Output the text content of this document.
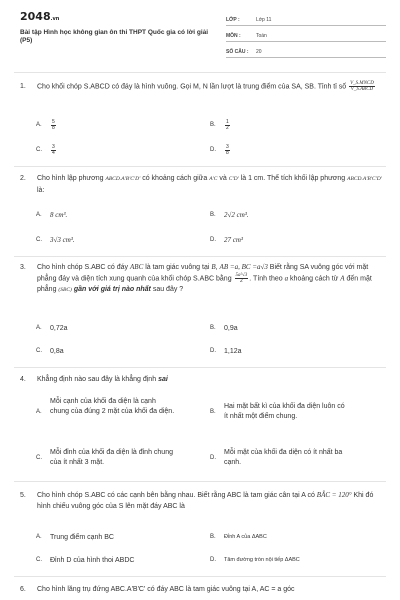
2048.vn
Bài tập Hình học không gian ôn thi THPT Quốc gia có lời giải (P5)
LỚP :	Lớp 11
MÔN :	Toán
SỐ CÂU : 20
1. Cho khối chóp S.ABCD có đáy là hình vuông. Gọi M, N lần lượt là trung điểm của SA, SB. Tỉnh tỉ số $\frac{\text{V\_S.MNCD}}{\text{V\_S.ABCD}}$
A. $\frac{5}{8}$	B. $\frac{1}{2}$
C. $\frac{3}{4}$	D. $\frac{3}{8}$
2. Cho hình lập phương ABCD.A'B'C'D' có khoảng cách giữa A'C và C'D' là 1 cm. Thể tích khối lập phương ABCD.A'B'C'D' là:
A. 8 cm³.	B. 2√2 cm³.
C. 3√3 cm³.	D. 27 cm³
3. Cho hình chóp S.ABC có đáy ABC là tam giác vuông tại B, AB =a, BC =a√3 Biết rằng SA vuông góc với mặt phẳng đáy và diện tích xung quanh của khối chóp S.ABC bằng $\frac{\text{5a²√3}}{2}$ . Tính theo a khoảng cách từ A đến mặt phẳng (SBC) gần với giá trị nào nhất sau đây ?
A. 0,72a	B. 0,9a
C. 0,8a	D. 1,12a
4. Khẳng định nào sau đây là khẳng định sai
A.
Mỗi cạnh của khối đa diện là cạnh chung của đúng 2 mặt của khối đa diện.	B.
Hai mặt bất kì của khối đa diện luôn có ít nhất một điểm chung.
C.
Mỗi đỉnh của khối đa diện là đỉnh chung của ít nhất 3 mặt.
D.
Mỗi mặt của khối đa diện có ít nhất ba cạnh.
5. Cho hình chóp S.ABC có các cạnh bên bằng nhau. Biết rằng ABC là tam giác cân tại A có BÂC = 120° Khi đó hình chiếu vuông góc của S lên mặt đáy ABC là
A. Trung điểm cạnh BC	B. Đỉnh A của ΔABC
C. Đỉnh D của hình thoi ABDC	D. Tâm đường tròn nội tiếp ΔABC
6. Cho hình lăng trụ đứng ABC.A'B'C' có đáy ABC là tam giác vuông tại A, AC = a góc
